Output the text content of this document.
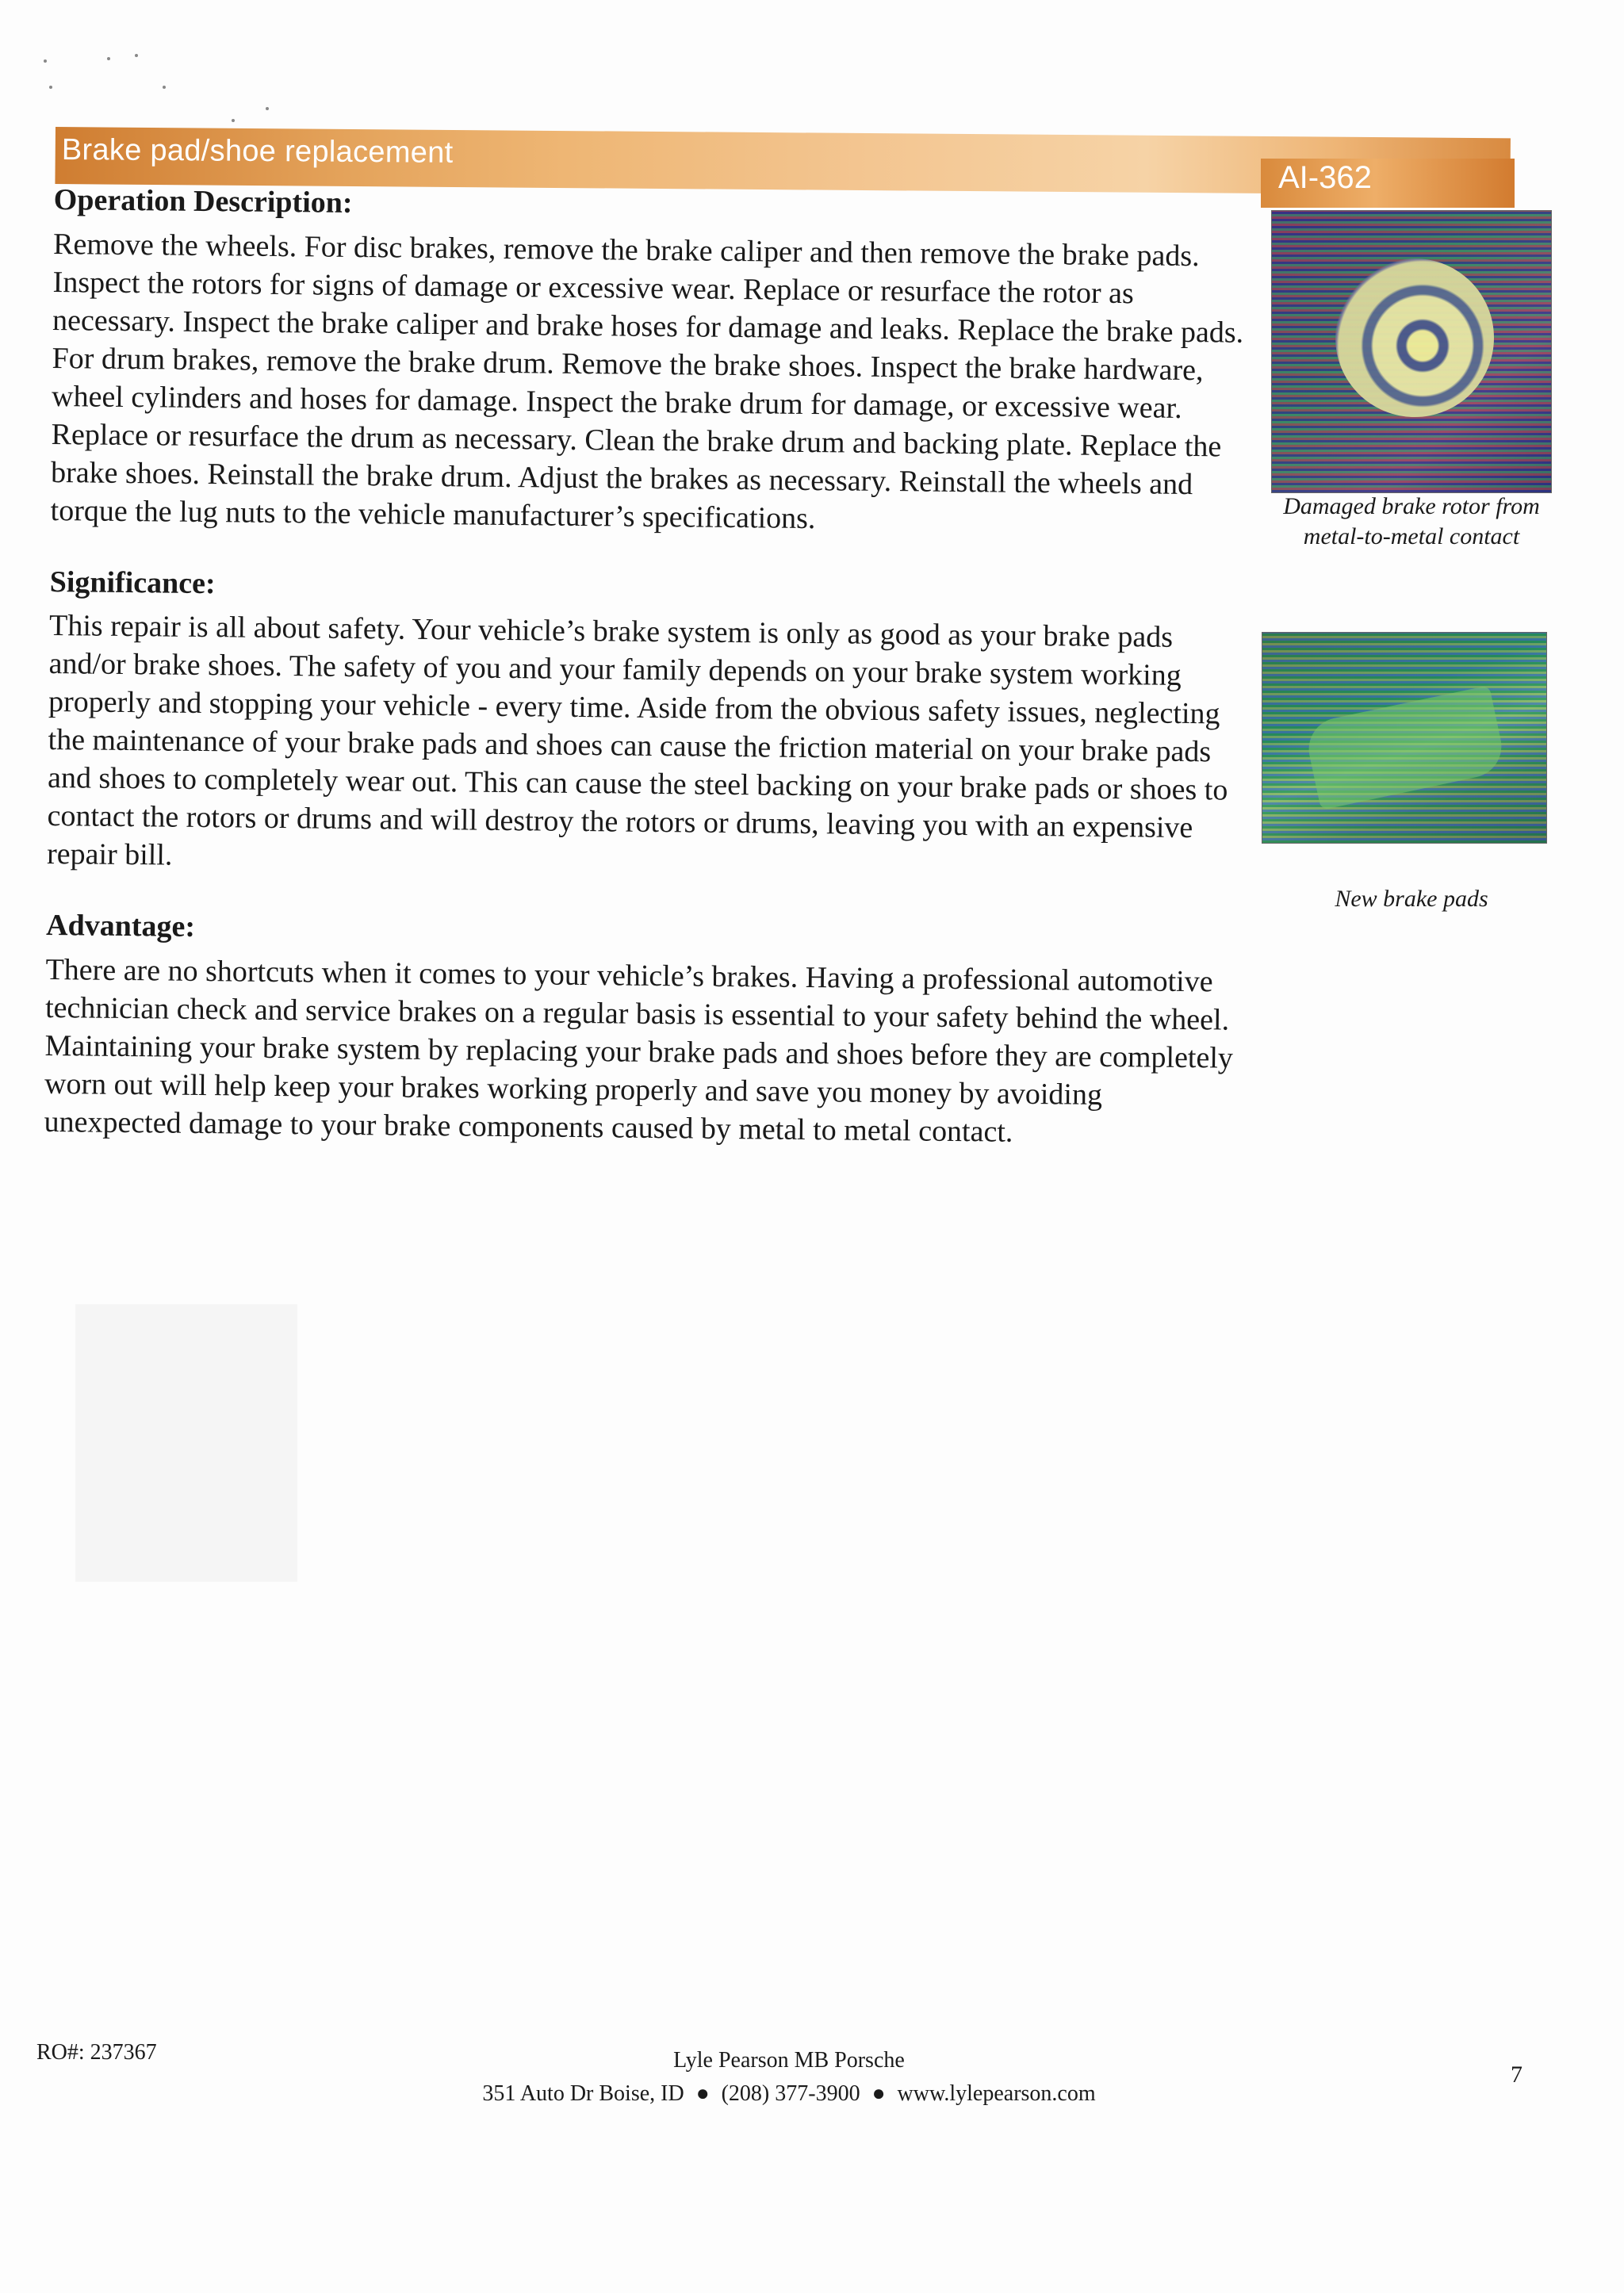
Brake pad/shoe replacement
AI-362
Operation Description:

Remove the wheels. For disc brakes, remove the brake caliper and then remove the brake pads. Inspect the rotors for signs of damage or excessive wear. Replace or resurface the rotor as necessary. Inspect the brake caliper and brake hoses for damage and leaks. Replace the brake pads. For drum brakes, remove the brake drum. Remove the brake shoes. Inspect the brake hardware, wheel cylinders and hoses for damage. Inspect the brake drum for damage, or excessive wear. Replace or resurface the drum as necessary. Clean the brake drum and backing plate. Replace the brake shoes. Reinstall the brake drum. Adjust the brakes as necessary. Reinstall the wheels and torque the lug nuts to the vehicle manufacturer’s specifications.

Significance:

This repair is all about safety. Your vehicle’s brake system is only as good as your brake pads and/or brake shoes. The safety of you and your family depends on your brake system working properly and stopping your vehicle - every time. Aside from the obvious safety issues, neglecting the maintenance of your brake pads and shoes can cause the friction material on your brake pads and shoes to completely wear out. This can cause the steel backing on your brake pads or shoes to contact the rotors or drums and will destroy the rotors or drums, leaving you with an expensive repair bill.

Advantage:

There are no shortcuts when it comes to your vehicle’s brakes. Having a professional automotive technician check and service brakes on a regular basis is essential to your safety behind the wheel. Maintaining your brake system by replacing your brake pads and shoes before they are completely worn out will help keep your brakes working properly and save you money by avoiding unexpected damage to your brake components caused by metal to metal contact.

Damaged brake rotor from metal-to-metal contact
New brake pads
RO#: 237367	Lyle Pearson MB Porsche
351 Auto Dr Boise, ID ● (208) 377-3900 ● www.lylepearson.com
7
